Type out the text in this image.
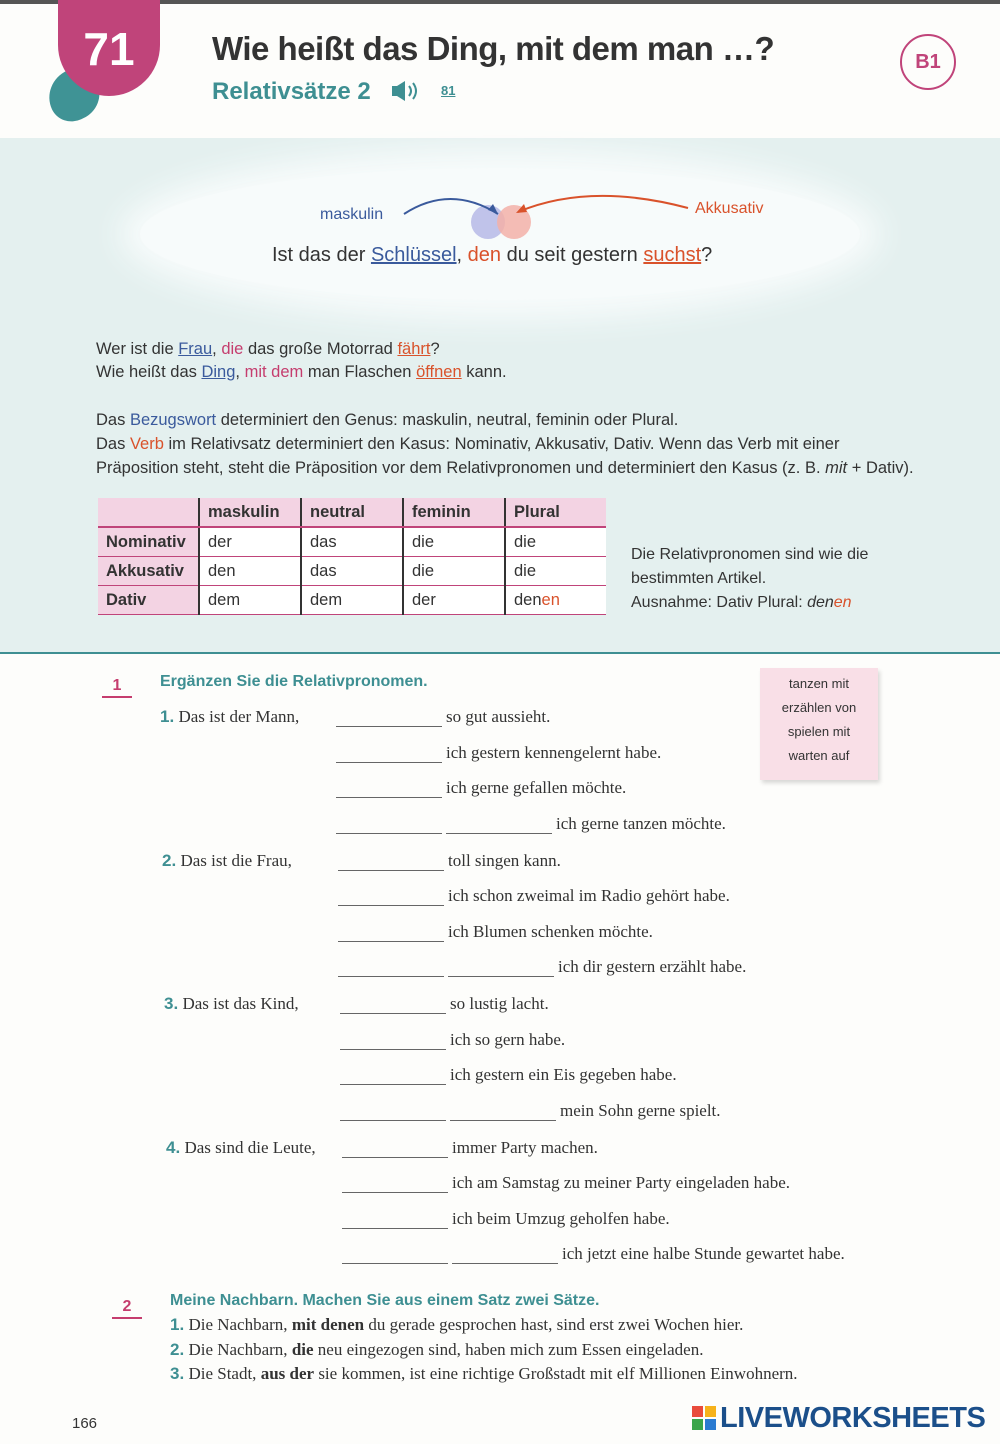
71	Wie heißt das Ding, mit dem man …?
Relativsätze 2	81
B1
maskulin	Akkusativ
Ist das der Schlüssel, den du seit gestern suchst?
Wer ist die Frau, die das große Motorrad fährt?
Wie heißt das Ding, mit dem man Flaschen öffnen kann.
Das Bezugswort determiniert den Genus: maskulin, neutral, feminin oder Plural.
Das Verb im Relativsatz determiniert den Kasus: Nominativ, Akkusativ, Dativ. Wenn das Verb mit einer
Präposition steht, steht die Präposition vor dem Relativpronomen und determiniert den Kasus (z. B. mit + Dativ).
	maskulin	neutral	feminin	Plural
Nominativ	der	das	die	die
Akkusativ	den	das	die	die
Dativ	dem	dem	der	denen
Die Relativpronomen sind wie die
bestimmten Artikel.
Ausnahme: Dativ Plural: denen
1	Ergänzen Sie die Relativpronomen.	tanzen mit
erzählen von
spielen mit
warten auf
1. Das ist der Mann,	so gut aussieht.
ich gestern kennengelernt habe.
ich gerne gefallen möchte.
ich gerne tanzen möchte.
2. Das ist die Frau,	toll singen kann.
ich schon zweimal im Radio gehört habe.
ich Blumen schenken möchte.
ich dir gestern erzählt habe.
3. Das ist das Kind,	so lustig lacht.
ich so gern habe.
ich gestern ein Eis gegeben habe.
mein Sohn gerne spielt.
4. Das sind die Leute,	immer Party machen.
ich am Samstag zu meiner Party eingeladen habe.
ich beim Umzug geholfen habe.
ich jetzt eine halbe Stunde gewartet habe.
2	Meine Nachbarn. Machen Sie aus einem Satz zwei Sätze.
1. Die Nachbarn, mit denen du gerade gesprochen hast, sind erst zwei Wochen hier.
2. Die Nachbarn, die neu eingezogen sind, haben mich zum Essen eingeladen.
3. Die Stadt, aus der sie kommen, ist eine richtige Großstadt mit elf Millionen Einwohnern.
166	LIVEWORKSHEETS
